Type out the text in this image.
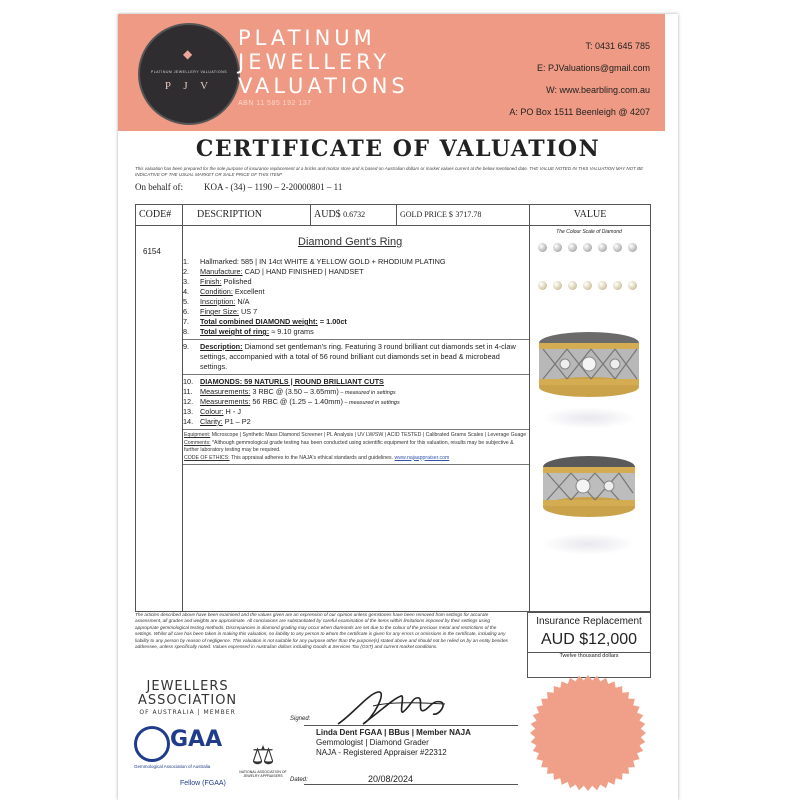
◆
PLATINUM JEWELLERY VALUATIONS
P J V
PLATINUM
JEWELLERY
VALUATIONS
ABN 11 585 192 137
T: 0431 645 785
E: PJValuations@gmail.com
W: www.bearbling.com.au
A: PO Box 1511 Beenleigh @ 4207
CERTIFICATE OF VALUATION
This valuation has been prepared for the sole purpose of insurance replacement at a bricks and mortar store and is based on Australian dollars or market values current at the below mentioned date. THE VALUE NOTED IN THIS VALUATION MAY NOT BE INDICATIVE OF THE USUAL MARKET OR SALE PRICE OF THIS ITEM*
On behalf of: KOA - (34) – 1190 – 2-20000801 – 11
CODE#	DESCRIPTION	AUD$ 0.6732	GOLD PRICE $ 3717.78	VALUE
6154
Diamond Gent's Ring
1.	Hallmarked: 585 | IN 14ct WHITE & YELLOW GOLD + RHODIUM PLATING
2.	Manufacture: CAD | HAND FINISHED | HANDSET
3.	Finish: Polished
4.	Condition: Excellent
5.	Inscription: N/A
6.	Finger Size: US 7
7.	Total combined DIAMOND weight: = 1.00ct
8.	Total weight of ring: ≈ 9.10 grams
9. Description: Diamond set gentleman's ring. Featuring 3 round brilliant cut diamonds set in 4-claw settings, accompanied with a total of 56 round brilliant cut diamonds set in bead & microbead settings.
10. DIAMONDS: 59 NATURLS | ROUND BRILLIANT CUTS
11.	Measurements: 3 RBC @ (3.50 – 3.65mm) – measured in settings
12. Measurements: 56 RBC @ (1.25 – 1.40mm) – measured in settings
13. Colour: H - J
14. Clarity: P1 – P2
Equipment: Microscope | Synthetic Mass Diamond Screener | PL Analysis | UV LW/SW | ACID TESTED | Calibrated Grams Scales | Leverage Guage
Comments: *Although gemmological grade testing has been conducted using scientific equipment for this valuation, results may be subjective & further laboratory testing may be required.
CODE OF ETHICS: This appraisal adheres to the NAJA's ethical standards and guidelines. www.najaappraiser.com
The Colour Scale of Diamond
The articles described above have been examined and the values given are an expression of our opinion unless gemstones have been removed from settings for accurate assessment, all grades and weights are approximate. All conclusions are substantiated by careful examination of the items within limitations imposed by their settings using appropriate gemmological testing methods. Discrepancies in diamond grading may occur when diamonds are set due to the colour of the precious metal and restrictions of the settings. Whilst all care has been taken in making this valuation, no liability to any person to whom the certificate is given for any errors or omissions in the certificate, including any liability to any person by reason of negligence. This valuation is not suitable for any purpose other than the purpose(s) stated above and should not be relied on by an entity besides addressee, unless specifically noted. Values expressed in Australian dollars including Goods & Services Tax (GST) and current market conditions.
Insurance Replacement
AUD $12,000
Twelve thousand dollars
JEWELLERS
ASSOCIATION
OF AUSTRALIA | MEMBER
GAA
Gemmological Association of Australia
Fellow (FGAA)
⚖
NATIONAL ASSOCIATION OF JEWELRY APPRAISERS
Signed:
Linda Dent FGAA | BBus | Member NAJA
Gemmologist | Diamond Grader
NAJA - Registered Appraiser #22312
Dated:	20/08/2024
